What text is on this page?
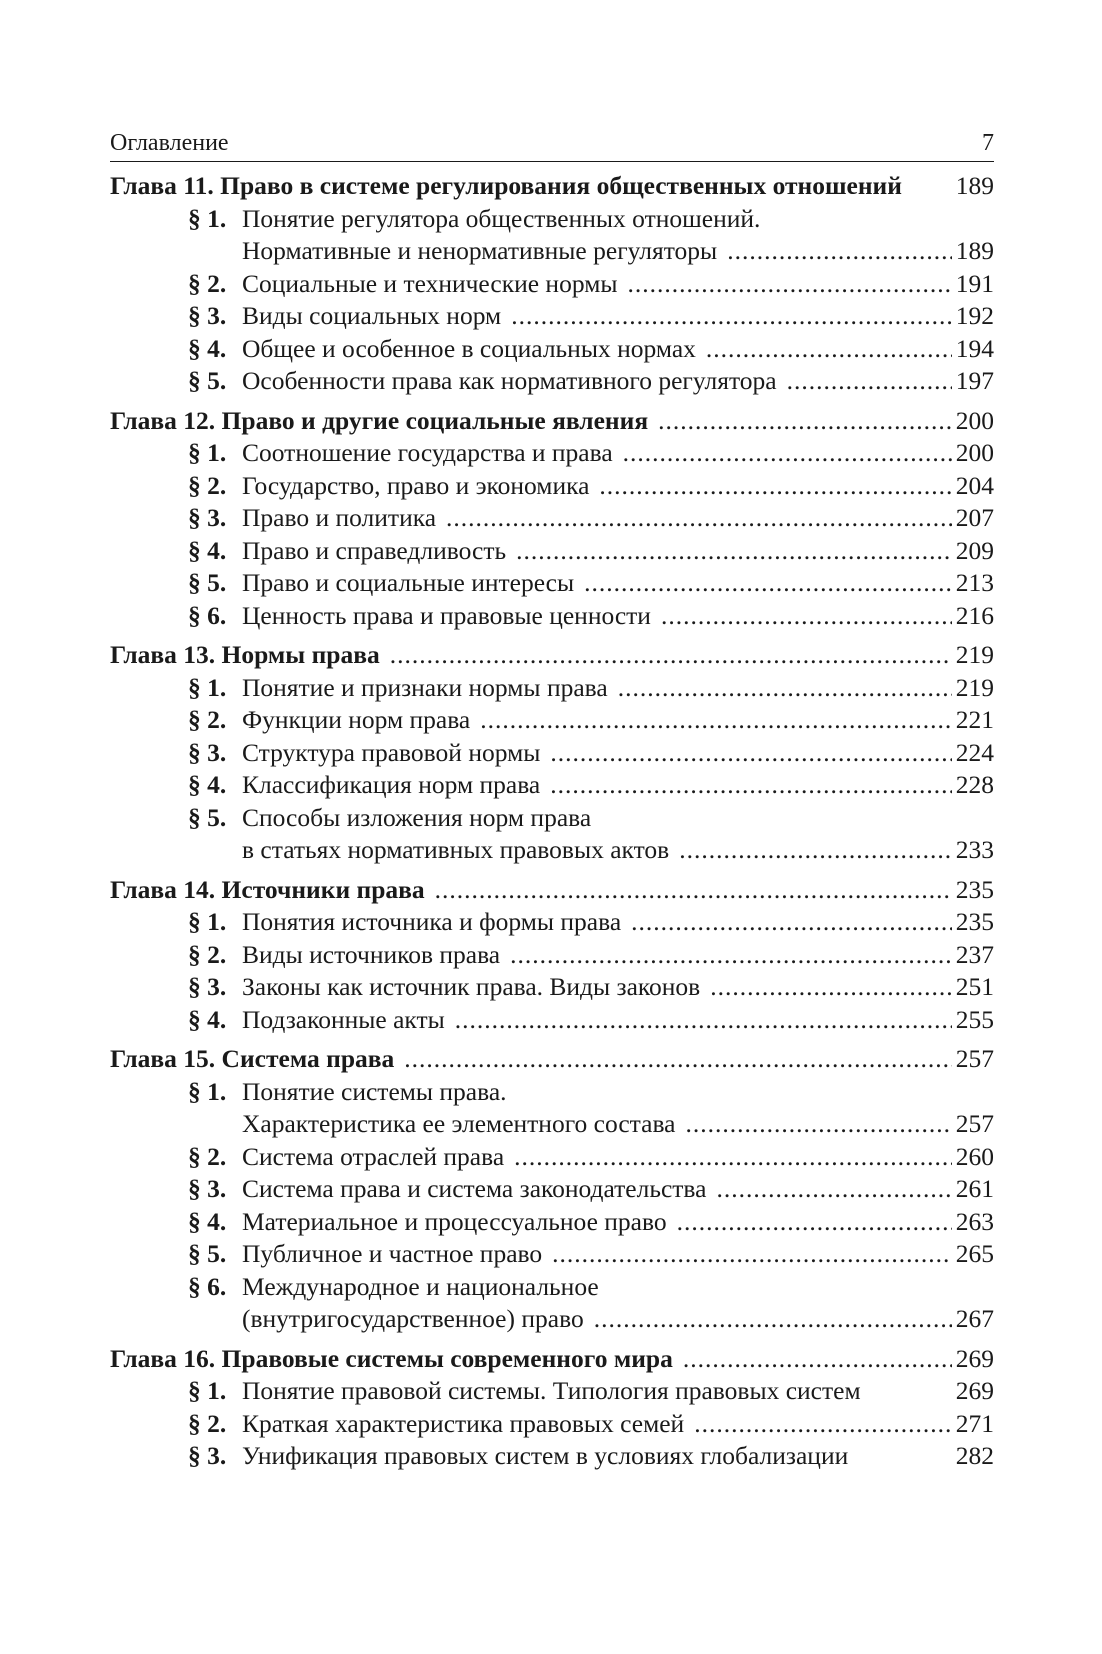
Оглавление	7
Глава 11. Право в системе регулирования общественных отношений 189
§ 1. Понятие регулятора общественных отношений.
Нормативные и ненормативные регуляторы .....	189
§ 2. Социальные и технические нормы .....	191
§ 3. Виды социальных норм .....	192
§ 4. Общее и особенное в социальных нормах .....	194
§ 5. Особенности права как нормативного регулятора .....	197
Глава 12. Право и другие социальные явления .....	200
§ 1. Соотношение государства и права .....	200
§ 2. Государство, право и экономика .....	204
§ 3. Право и политика .....	207
§ 4. Право и справедливость .....	209
§ 5. Право и социальные интересы .....	213
§ 6. Ценность права и правовые ценности .....	216
Глава 13. Нормы права .....	219
§ 1. Понятие и признаки нормы права .....	219
§ 2. Функции норм права .....	221
§ 3. Структура правовой нормы .....	224
§ 4. Классификация норм права .....	228
§ 5. Способы изложения норм права
в статьях нормативных правовых актов .....	233
Глава 14. Источники права .....	235
§ 1. Понятия источника и формы права .....	235
§ 2. Виды источников права .....	237
§ 3. Законы как источник права. Виды законов .....	251
§ 4. Подзаконные акты .....	255
Глава 15. Система права .....	257
§ 1. Понятие системы права.
Характеристика ее элементного состава .....	257
§ 2. Система отраслей права .....	260
§ 3. Система права и система законодательства .....	261
§ 4. Материальное и процессуальное право .....	263
§ 5. Публичное и частное право .....	265
§ 6. Международное и национальное
(внутригосударственное) право .....	267
Глава 16. Правовые системы современного мира .....	269
§ 1. Понятие правовой системы. Типология правовых систем	269
§ 2. Краткая характеристика правовых семей .....	271
§ 3. Унификация правовых систем в условиях глобализации	282
